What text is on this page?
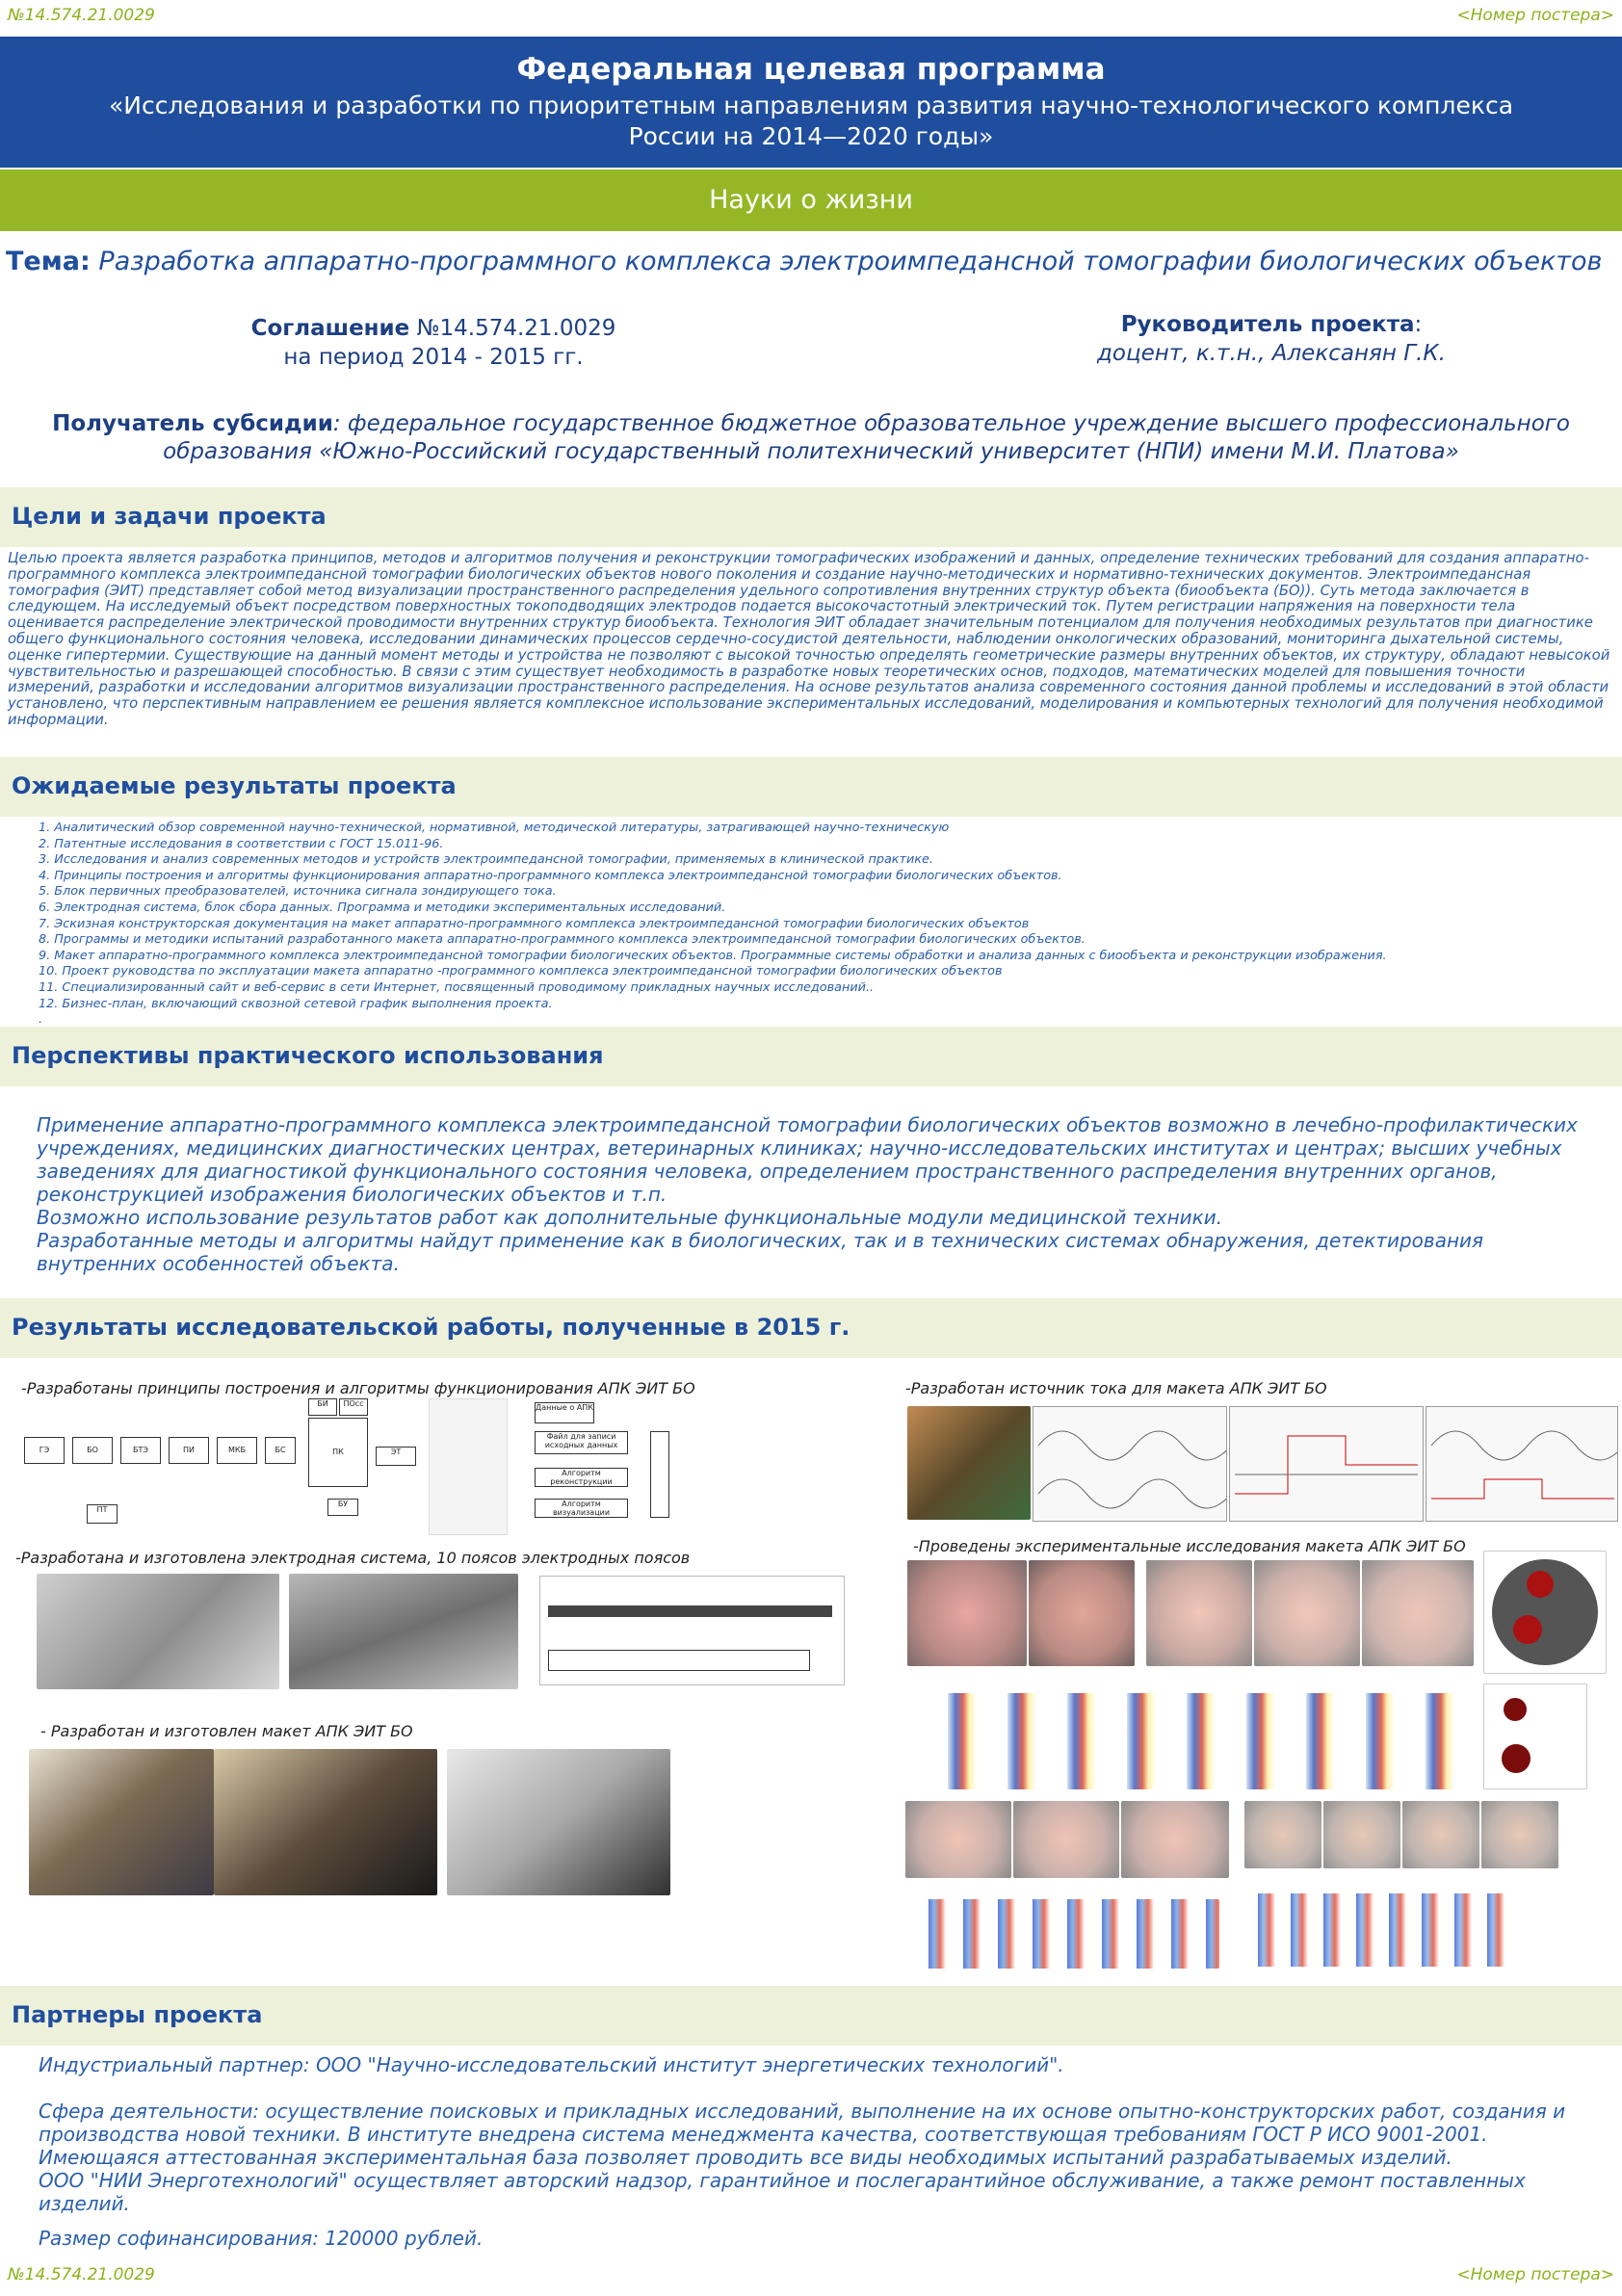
№14.574.21.0029	<Номер постера>
Федеральная целевая программа
«Исследования и разработки по приоритетным направлениям развития научно-технологического комплекса России на 2014—2020 годы»
Науки о жизни
Тема: Разработка аппаратно-программного комплекса электроимпедансной томографии биологических объектов
Соглашение №14.574.21.0029
на период 2014 - 2015 гг.
Руководитель проекта:
доцент, к.т.н., Алексанян Г.К.
Получатель субсидии: федеральное государственное бюджетное образовательное учреждение высшего профессионального образования «Южно-Российский государственный политехнический университет (НПИ) имени М.И. Платова»
Цели и задачи проекта
Целью проекта является разработка принципов, методов и алгоритмов получения и реконструкции томографических изображений и данных, определение технических требований для создания аппаратно-программного комплекса электроимпедансной томографии биологических объектов нового поколения и создание научно-методических и нормативно-технических документов. Электроимпедансная томография (ЭИТ) представляет собой метод визуализации пространственного распределения удельного сопротивления внутренних структур объекта (биообъекта (БО)). Суть метода заключается в следующем. На исследуемый объект посредством поверхностных токоподводящих электродов подается высокочастотный электрический ток. Путем регистрации напряжения на поверхности тела оценивается распределение электрической проводимости внутренних структур биообъекта. Технология ЭИТ обладает значительным потенциалом для получения необходимых результатов при диагностике общего функционального состояния человека, исследовании динамических процессов сердечно-сосудистой деятельности, наблюдении онкологических образований, мониторинга дыхательной системы, оценке гипертермии. Существующие на данный момент методы и устройства не позволяют с высокой точностью определять геометрические размеры внутренних объектов, их структуру, обладают невысокой чувствительностью и разрешающей способностью. В связи с этим существует необходимость в разработке новых теоретических основ, подходов, математических моделей для повышения точности измерений, разработки и исследовании алгоритмов визуализации пространственного распределения. На основе результатов анализа современного состояния данной проблемы и исследований в этой области установлено, что перспективным направлением ее решения является комплексное использование экспериментальных исследований, моделирования и компьютерных технологий для получения необходимой информации.
Ожидаемые результаты проекта
1. Аналитический обзор современной научно-технической, нормативной, методической литературы, затрагивающей научно-техническую
2. Патентные исследования в соответствии с ГОСТ 15.011-96.
3. Исследования и анализ современных методов и устройств электроимпедансной томографии, применяемых в клинической практике.
4. Принципы построения и алгоритмы функционирования аппаратно-программного комплекса электроимпедансной томографии биологических объектов.
5. Блок первичных преобразователей, источника сигнала зондирующего тока.
6. Электродная система, блок сбора данных. Программа и методики экспериментальных исследований.
7. Эскизная конструкторская документация на макет аппаратно-программного комплекса электроимпедансной томографии биологических объектов
8. Программы и методики испытаний разработанного макета аппаратно-программного комплекса электроимпедансной томографии биологических объектов.
9. Макет аппаратно-программного комплекса электроимпедансной томографии биологических объектов. Программные системы обработки и анализа данных с биообъекта и реконструкции изображения.
10. Проект руководства по эксплуатации макета аппаратно -программного комплекса электроимпедансной томографии биологических объектов
11. Специализированный сайт и веб-сервис в сети Интернет, посвященный проводимому прикладных научных исследований..
12. Бизнес-план, включающий сквозной сетевой график выполнения проекта.
.
Перспективы практического использования
Применение аппаратно-программного комплекса электроимпедансной томографии биологических объектов возможно в лечебно-профилактических учреждениях, медицинских диагностических центрах, ветеринарных клиниках; научно-исследовательских институтах и центрах; высших учебных заведениях для диагностикой функционального состояния человека, определением пространственного распределения внутренних органов, реконструкцией изображения биологических объектов и т.п.
Возможно использование результатов работ как дополнительные функциональные модули медицинской техники.
Разработанные методы и алгоритмы найдут применение как в биологических, так и в технических системах обнаружения, детектирования внутренних особенностей объекта.
Результаты исследовательской работы, полученные в 2015 г.
-Разработаны принципы построения и алгоритмы функционирования АПК ЭИТ БО
-Разработана и изготовлена электродная система, 10 поясов электродных поясов
- Разработан и изготовлен макет АПК ЭИТ БО
-Разработан источник тока для макета АПК ЭИТ БО
-Проведены экспериментальные исследования макета АПК ЭИТ БО
ГЭ	БО	БТЭ	ПИ	МКБ	БС	ПК
БИ	ПОсс
ПТ
ЭТ
БУ
Данные о АПК
Файл для записи исходных данных
Алгоритм реконструкции
Алгоритм визуализации
Партнеры проекта
Индустриальный партнер: ООО "Научно-исследовательский институт энергетических технологий".
Сфера деятельности: осуществление поисковых и прикладных исследований, выполнение на их основе опытно-конструкторских работ, создания и производства новой техники. В институте внедрена система менеджмента качества, соответствующая требованиям ГОСТ Р ИСО 9001-2001.
Имеющаяся аттестованная экспериментальная база позволяет проводить все виды необходимых испытаний разрабатываемых изделий.
ООО "НИИ Энерготехнологий" осуществляет авторский надзор, гарантийное и послегарантийное обслуживание, а также ремонт поставленных изделий.
Размер софинансирования: 120000 рублей.
№14.574.21.0029	<Номер постера>
